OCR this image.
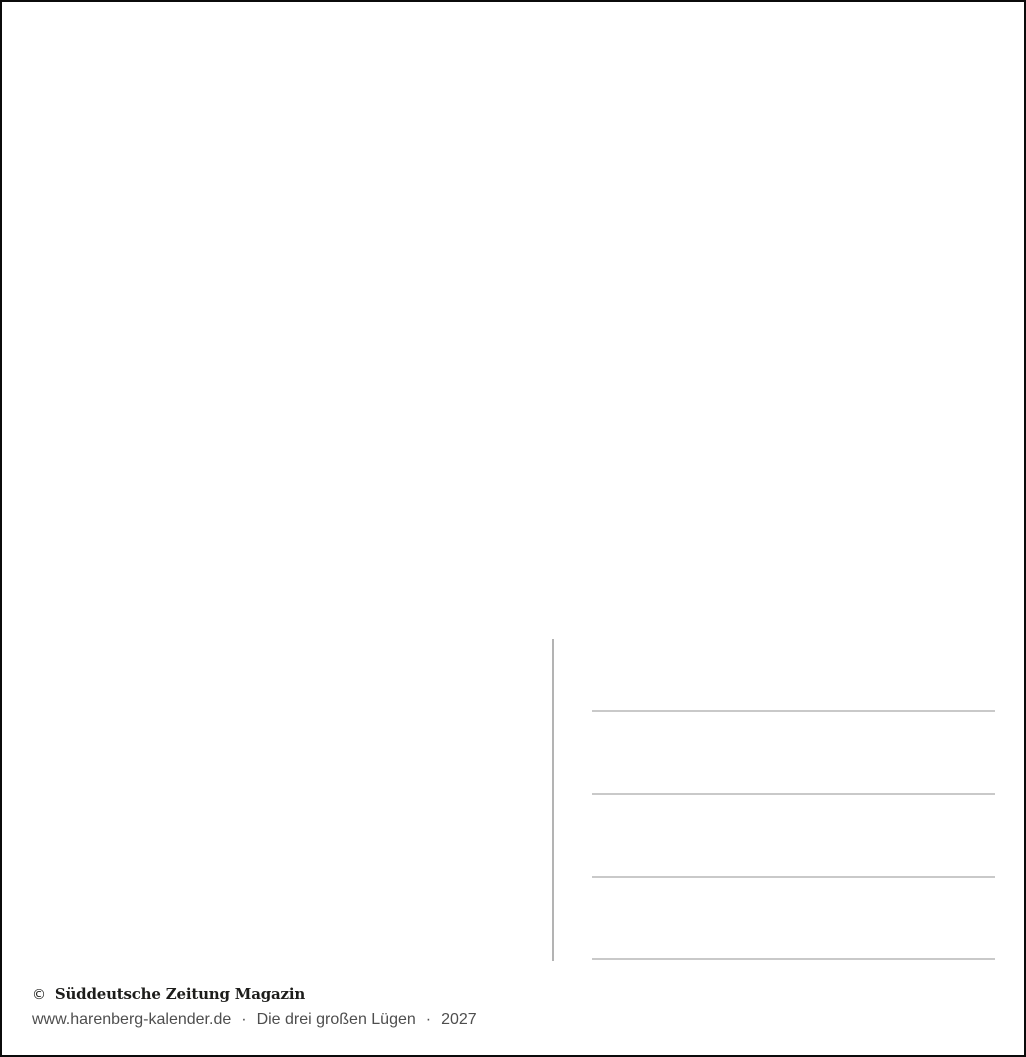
© Süddeutsche Zeitung Magazin
www.harenberg-kalender.de · Die drei großen Lügen · 2027
